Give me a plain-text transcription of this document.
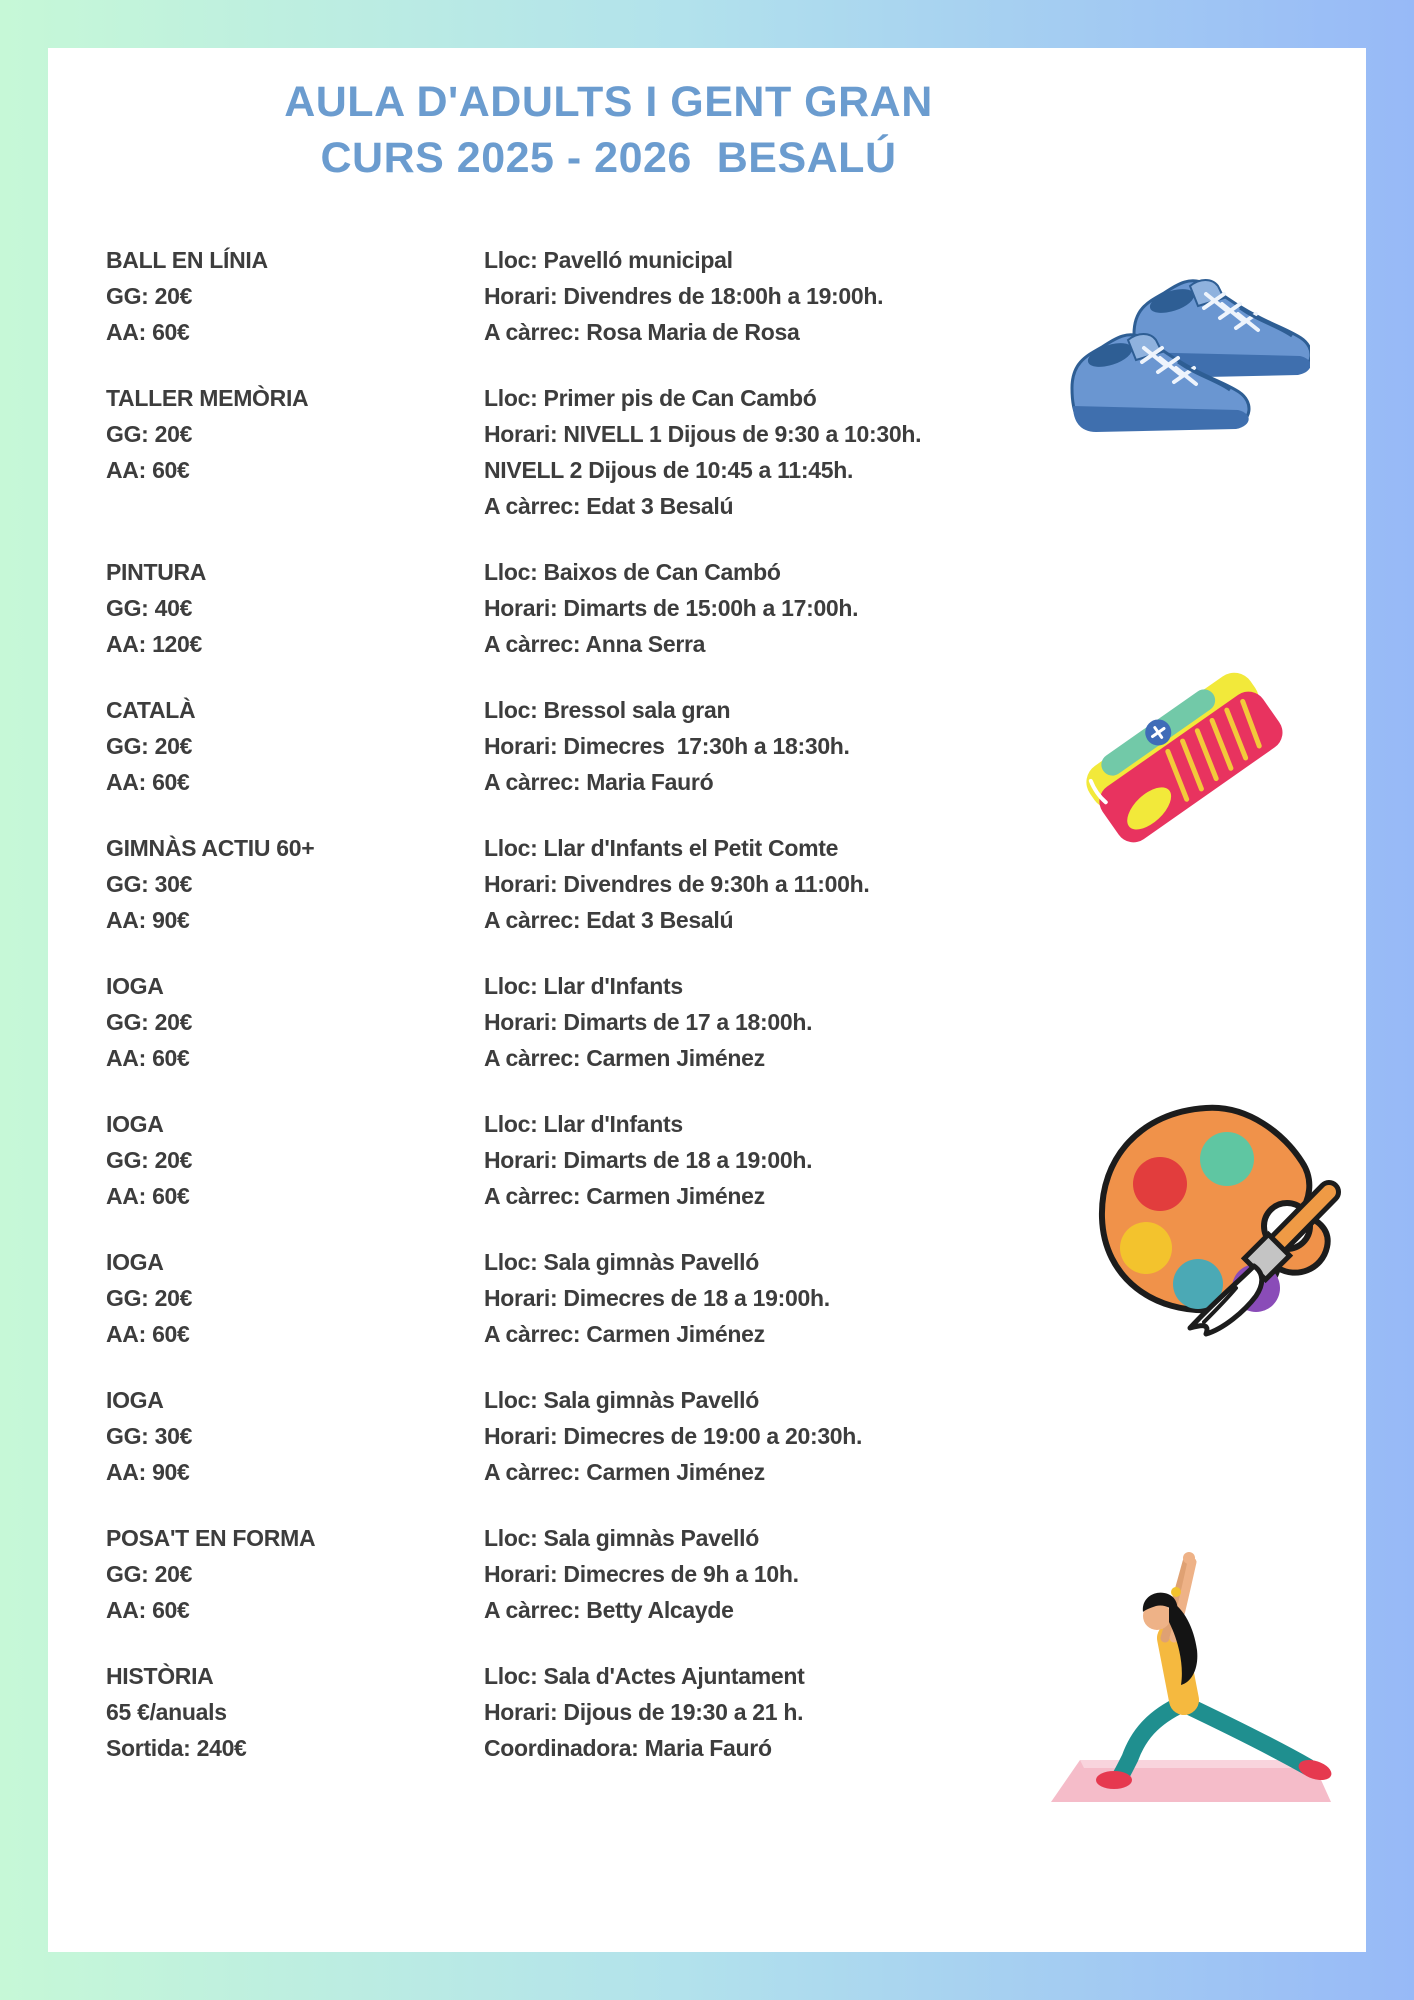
AULA D'ADULTS I GENT GRAN
CURS 2025 - 2026  BESALÚ
BALL EN LÍNIA
GG: 20€
AA: 60€
Lloc: Pavelló municipal
Horari: Divendres de 18:00h a 19:00h.
A càrrec: Rosa Maria de Rosa
TALLER MEMÒRIA
GG: 20€
AA: 60€
Lloc: Primer pis de Can Cambó
Horari: NIVELL 1 Dijous de 9:30 a 10:30h.
NIVELL 2 Dijous de 10:45 a 11:45h.
A càrrec: Edat 3 Besalú
PINTURA
GG: 40€
AA: 120€
Lloc: Baixos de Can Cambó
Horari: Dimarts de 15:00h a 17:00h.
A càrrec: Anna Serra
CATALÀ
GG: 20€
AA: 60€
Lloc: Bressol sala gran
Horari: Dimecres  17:30h a 18:30h.
A càrrec: Maria Fauró
GIMNÀS ACTIU 60+
GG: 30€
AA: 90€
Lloc: Llar d'Infants el Petit Comte
Horari: Divendres de 9:30h a 11:00h.
A càrrec: Edat 3 Besalú
IOGA
GG: 20€
AA: 60€
Lloc: Llar d'Infants
Horari: Dimarts de 17 a 18:00h.
A càrrec: Carmen Jiménez
IOGA
GG: 20€
AA: 60€
Lloc: Llar d'Infants
Horari: Dimarts de 18 a 19:00h.
A càrrec: Carmen Jiménez
IOGA
GG: 20€
AA: 60€
Lloc: Sala gimnàs Pavelló
Horari: Dimecres de 18 a 19:00h.
A càrrec: Carmen Jiménez
IOGA
GG: 30€
AA: 90€
Lloc: Sala gimnàs Pavelló
Horari: Dimecres de 19:00 a 20:30h.
A càrrec: Carmen Jiménez
POSA'T EN FORMA
GG: 20€
AA: 60€
Lloc: Sala gimnàs Pavelló
Horari: Dimecres de 9h a 10h.
A càrrec: Betty Alcayde
HISTÒRIA
65 €/anuals
Sortida: 240€
Lloc: Sala d'Actes Ajuntament
Horari: Dijous de 19:30 a 21 h.
Coordinadora: Maria Fauró
